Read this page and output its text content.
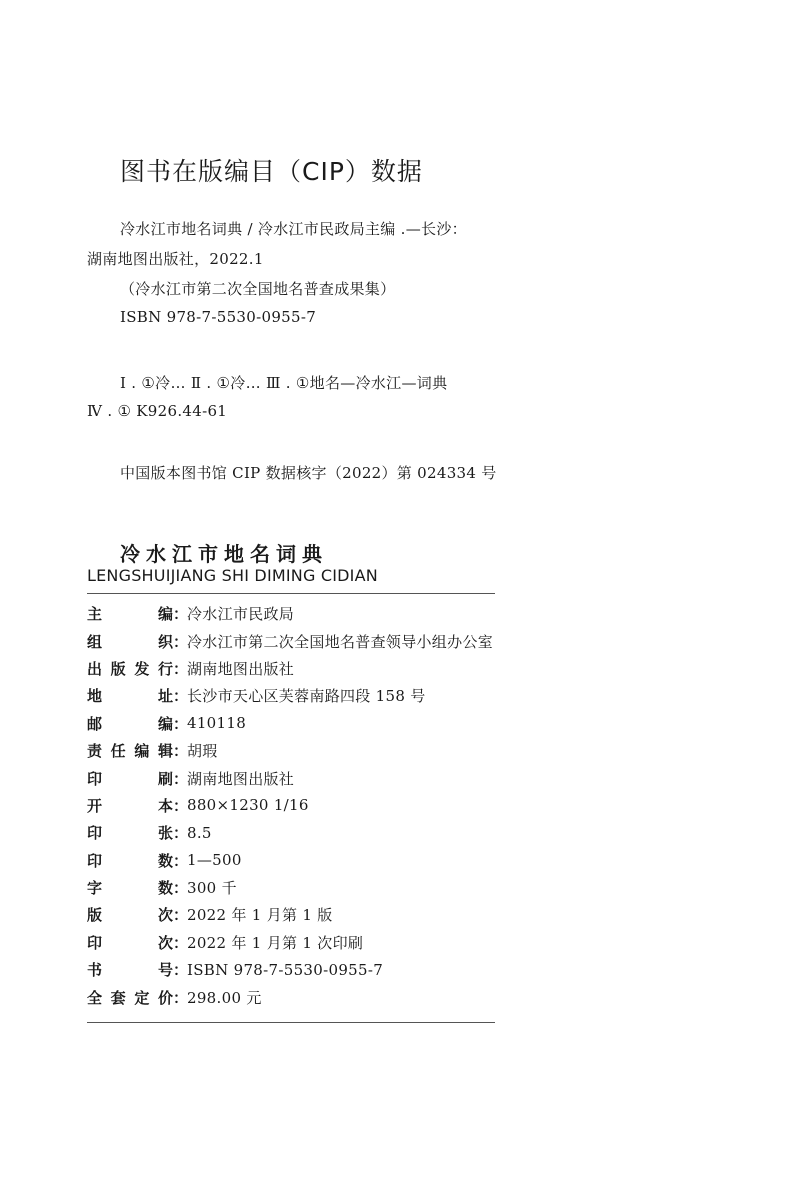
图书在版编目（CIP）数据
冷水江市地名词典 / 冷水江市民政局主编 .—长沙：
湖南地图出版社，2022.1
（冷水江市第二次全国地名普查成果集）
ISBN 978-7-5530-0955-7
Ⅰ . ①冷… Ⅱ . ①冷… Ⅲ . ①地名—冷水江—词典
Ⅳ . ① K926.44-61
中国版本图书馆 CIP 数据核字（2022）第 024334 号
冷水江市地名词典
LENGSHUIJIANG SHI DIMING CIDIAN
主	编 ：
冷水江市民政局
组	织 ：
冷水江市第二次全国地名普查领导小组办公室
出 版 发 行 ：
湖南地图出版社
地	址 ：
长沙市天心区芙蓉南路四段 158 号
邮	编 ：
410118
责 任 编 辑 ：
胡瑕
印	刷 ：
湖南地图出版社
开	本 ：
880×1230 1/16
印	张 ：
8.5
印	数 ：
1—500
字	数 ：
300 千
版	次 ：
2022 年 1 月第 1 版
印	次 ：
2022 年 1 月第 1 次印刷
书	号 ：
ISBN 978-7-5530-0955-7
全 套 定 价 ：
298.00 元
